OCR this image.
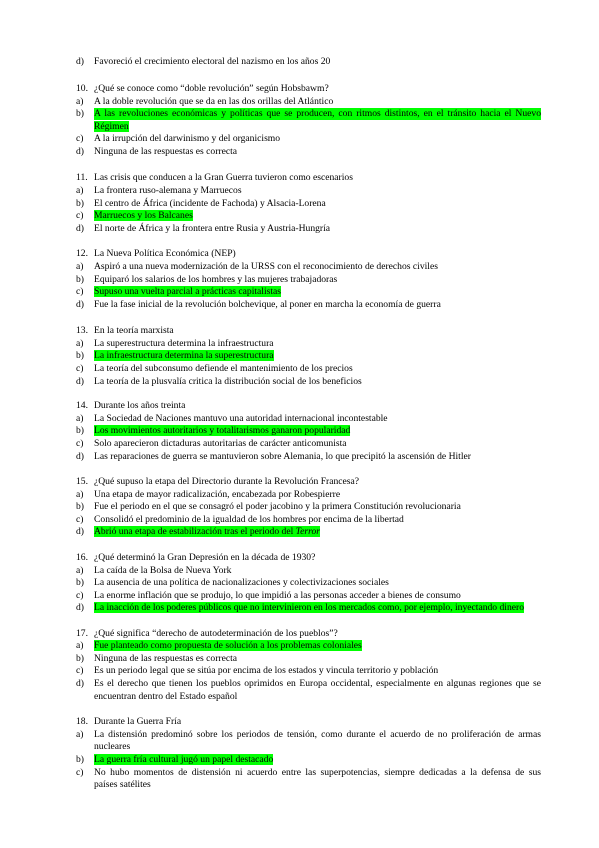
d)	Favoreció el crecimiento electoral del nazismo en los años 20
10. ¿Qué se conoce como “doble revolución” según Hobsbawm?
a)	A la doble revolución que se da en las dos orillas del Atlántico
b)	A las revoluciones económicas y políticas que se producen, con ritmos distintos, en el tránsito hacia el Nuevo
Régimen
c)	A la irrupción del darwinismo y del organicismo
d)	Ninguna de las respuestas es correcta
11. Las crisis que conducen a la Gran Guerra tuvieron como escenarios
a)	La frontera ruso-alemana y Marruecos
b)	El centro de África (incidente de Fachoda) y Alsacia-Lorena
c)	Marruecos y los Balcanes
d)	El norte de África y la frontera entre Rusia y Austria-Hungría
12. La Nueva Política Económica (NEP)
a)	Aspiró a una nueva modernización de la URSS con el reconocimiento de derechos civiles
b)	Equiparó los salarios de los hombres y las mujeres trabajadoras
c)	Supuso una vuelta parcial a prácticas capitalistas
d)	Fue la fase inicial de la revolución bolchevique, al poner en marcha la economía de guerra
13. En la teoría marxista
a)	La superestructura determina la infraestructura
b)	La infraestructura determina la superestructura
c)	La teoría del subconsumo defiende el mantenimiento de los precios
d)	La teoría de la plusvalía critica la distribución social de los beneficios
14. Durante los años treinta
a)	La Sociedad de Naciones mantuvo una autoridad internacional incontestable
b)	Los movimientos autoritarios y totalitarismos ganaron popularidad
c)	Solo aparecieron dictaduras autoritarias de carácter anticomunista
d)	Las reparaciones de guerra se mantuvieron sobre Alemania, lo que precipitó la ascensión de Hitler
15. ¿Qué supuso la etapa del Directorio durante la Revolución Francesa?
a)	Una etapa de mayor radicalización, encabezada por Robespierre
b)	Fue el periodo en el que se consagró el poder jacobino y la primera Constitución revolucionaria
c)	Consolidó el predominio de la igualdad de los hombres por encima de la libertad
d)	Abrió una etapa de estabilización tras el periodo del Terror
16. ¿Qué determinó la Gran Depresión en la década de 1930?
a)	La caída de la Bolsa de Nueva York
b)	La ausencia de una política de nacionalizaciones y colectivizaciones sociales
c)	La enorme inflación que se produjo, lo que impidió a las personas acceder a bienes de consumo
d)	La inacción de los poderes públicos que no intervinieron en los mercados como, por ejemplo, inyectando dinero
17. ¿Qué significa “derecho de autodeterminación de los pueblos”?
a)	Fue planteado como propuesta de solución a los problemas coloniales
b)	Ninguna de las respuestas es correcta
c)	Es un periodo legal que se sitúa por encima de los estados y vincula territorio y población
d)	Es el derecho que tienen los pueblos oprimidos en Europa occidental, especialmente en algunas regiones que se
encuentran dentro del Estado español
18. Durante la Guerra Fría
a)	La distensión predominó sobre los periodos de tensión, como durante el acuerdo de no proliferación de armas
nucleares
b)	La guerra fría cultural jugó un papel destacado
c)	No hubo momentos de distensión ni acuerdo entre las superpotencias, siempre dedicadas a la defensa de sus
países satélites
